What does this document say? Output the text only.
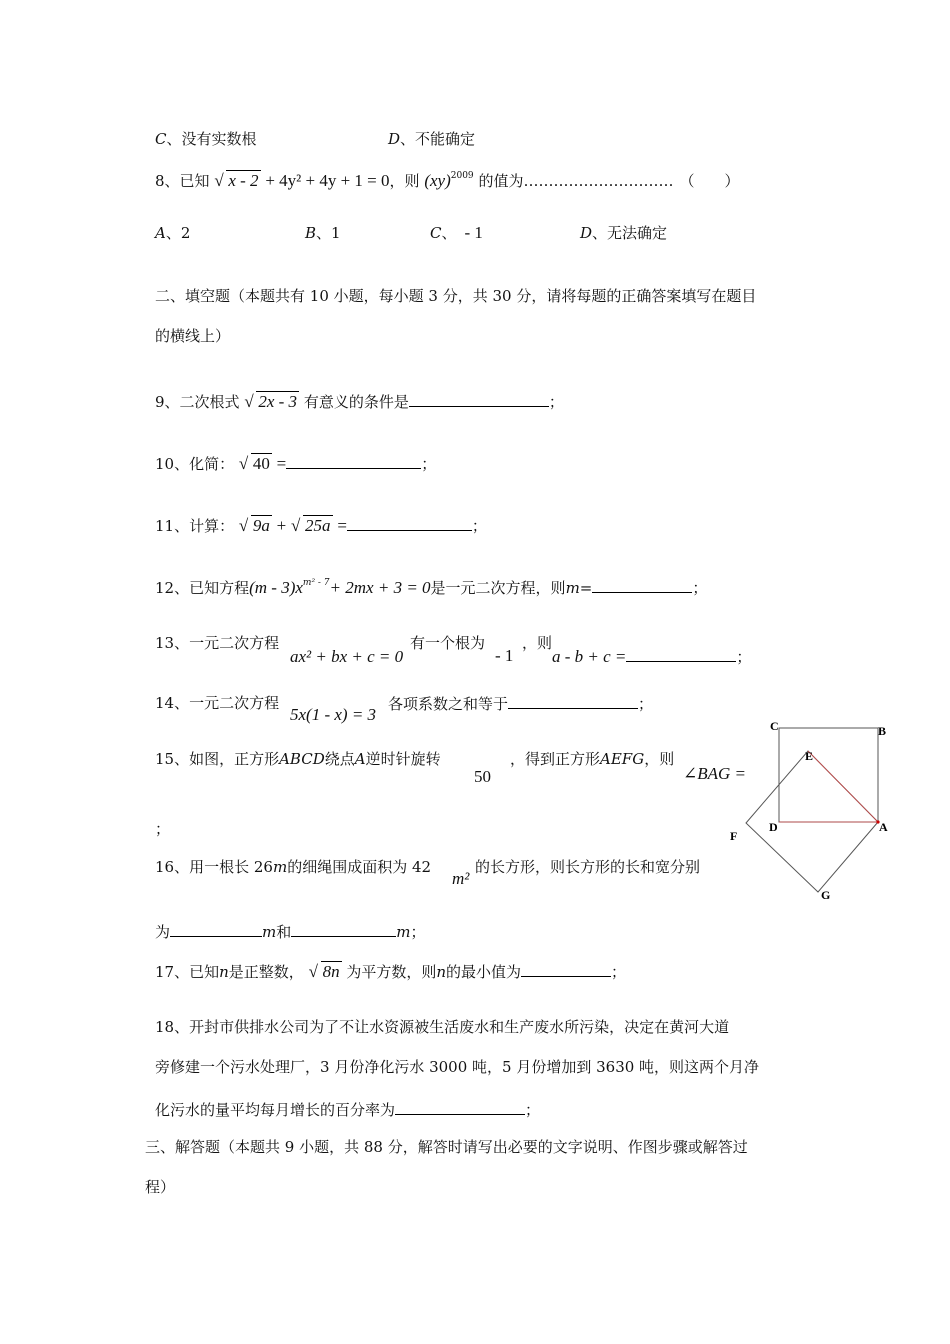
C、没有实数根	D、不能确定
8、已知 √ x - 2 + 4y² + 4y + 1 = 0，则 (xy)$^{2009}$ 的值为………………………… （　　）
A、2	B、1	C、 - 1	D、无法确定
二、填空题（本题共有 10 小题，每小题 3 分，共 30 分，请将每题的正确答案填写在题目
的横线上）
9、二次根式 √ 2x - 3 有意义的条件是	；
10、化简： √ 40 =	；
11、计算： √ 9a + √ 25a =	；
12、已知方程$(m - 3)x^{m^2 - 7}+ 2mx + 3 = 0$是一元二次方程，则m=	；
13、一元二次方程
ax² + bx + c = 0
有一个根为
- 1
，则
a - b + c =	；
14、一元二次方程
5x(1 - x) = 3
各项系数之和等于	；
15、如图，正方形ABCD绕点A逆时针旋转
50
，得到正方形AEFG，则
∠BAG =
；
C	B
E
D	A
F
G
16、用一根长 26m的细绳围成面积为 42
m²
的长方形，则长方形的长和宽分别
为	m和	m；
17、已知n是正整数， √ 8n 为平方数，则n的最小值为	；
18、开封市供排水公司为了不让水资源被生活废水和生产废水所污染，决定在黄河大道
旁修建一个污水处理厂，3 月份净化污水 3000 吨，5 月份增加到 3630 吨，则这两个月净
化污水的量平均每月增长的百分率为	；
三、解答题（本题共 9 小题，共 88 分，解答时请写出必要的文字说明、作图步骤或解答过
程）
